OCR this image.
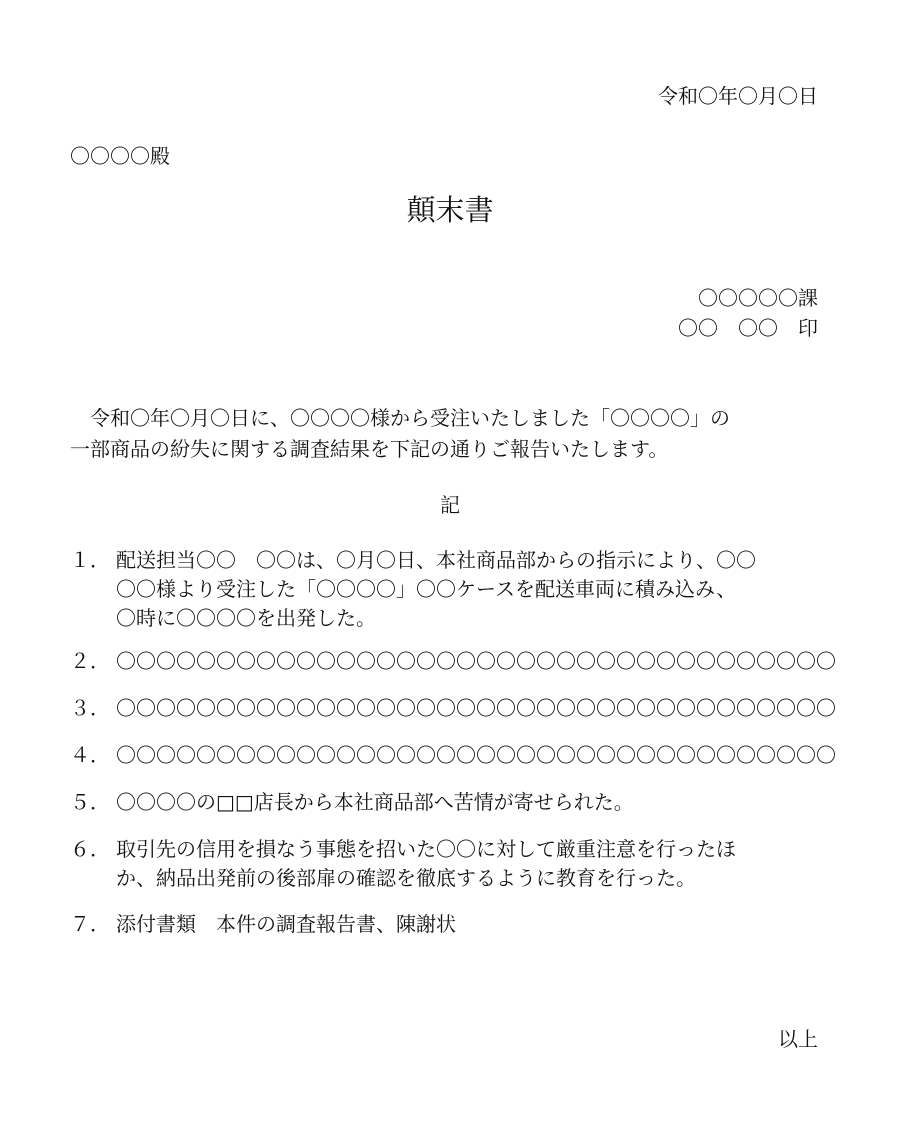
令和〇年〇月〇日
〇〇〇〇殿
顛末書
〇〇〇〇〇課
〇〇　〇〇　印

　令和〇年〇月〇日に、〇〇〇〇様から受注いたしました「〇〇〇〇」の

一部商品の紛失に関する調査結果を下記の通りご報告いたします。

記
１． 配送担当〇〇　〇〇は、〇月〇日、本社商品部からの指示により、〇〇
〇〇様より受注した「〇〇〇〇」〇〇ケースを配送車両に積み込み、
〇時に〇〇〇〇を出発した。
２． 〇〇〇〇〇〇〇〇〇〇〇〇〇〇〇〇〇〇〇〇〇〇〇〇〇〇〇〇〇〇〇〇〇〇〇〇
３． 〇〇〇〇〇〇〇〇〇〇〇〇〇〇〇〇〇〇〇〇〇〇〇〇〇〇〇〇〇〇〇〇〇〇〇〇
４． 〇〇〇〇〇〇〇〇〇〇〇〇〇〇〇〇〇〇〇〇〇〇〇〇〇〇〇〇〇〇〇〇〇〇〇〇
５． 〇〇〇〇の□□店長から本社商品部へ苦情が寄せられた。
６． 取引先の信用を損なう事態を招いた〇〇に対して厳重注意を行ったほ
か、納品出発前の後部扉の確認を徹底するように教育を行った。
７． 添付書類　本件の調査報告書、陳謝状
以上
